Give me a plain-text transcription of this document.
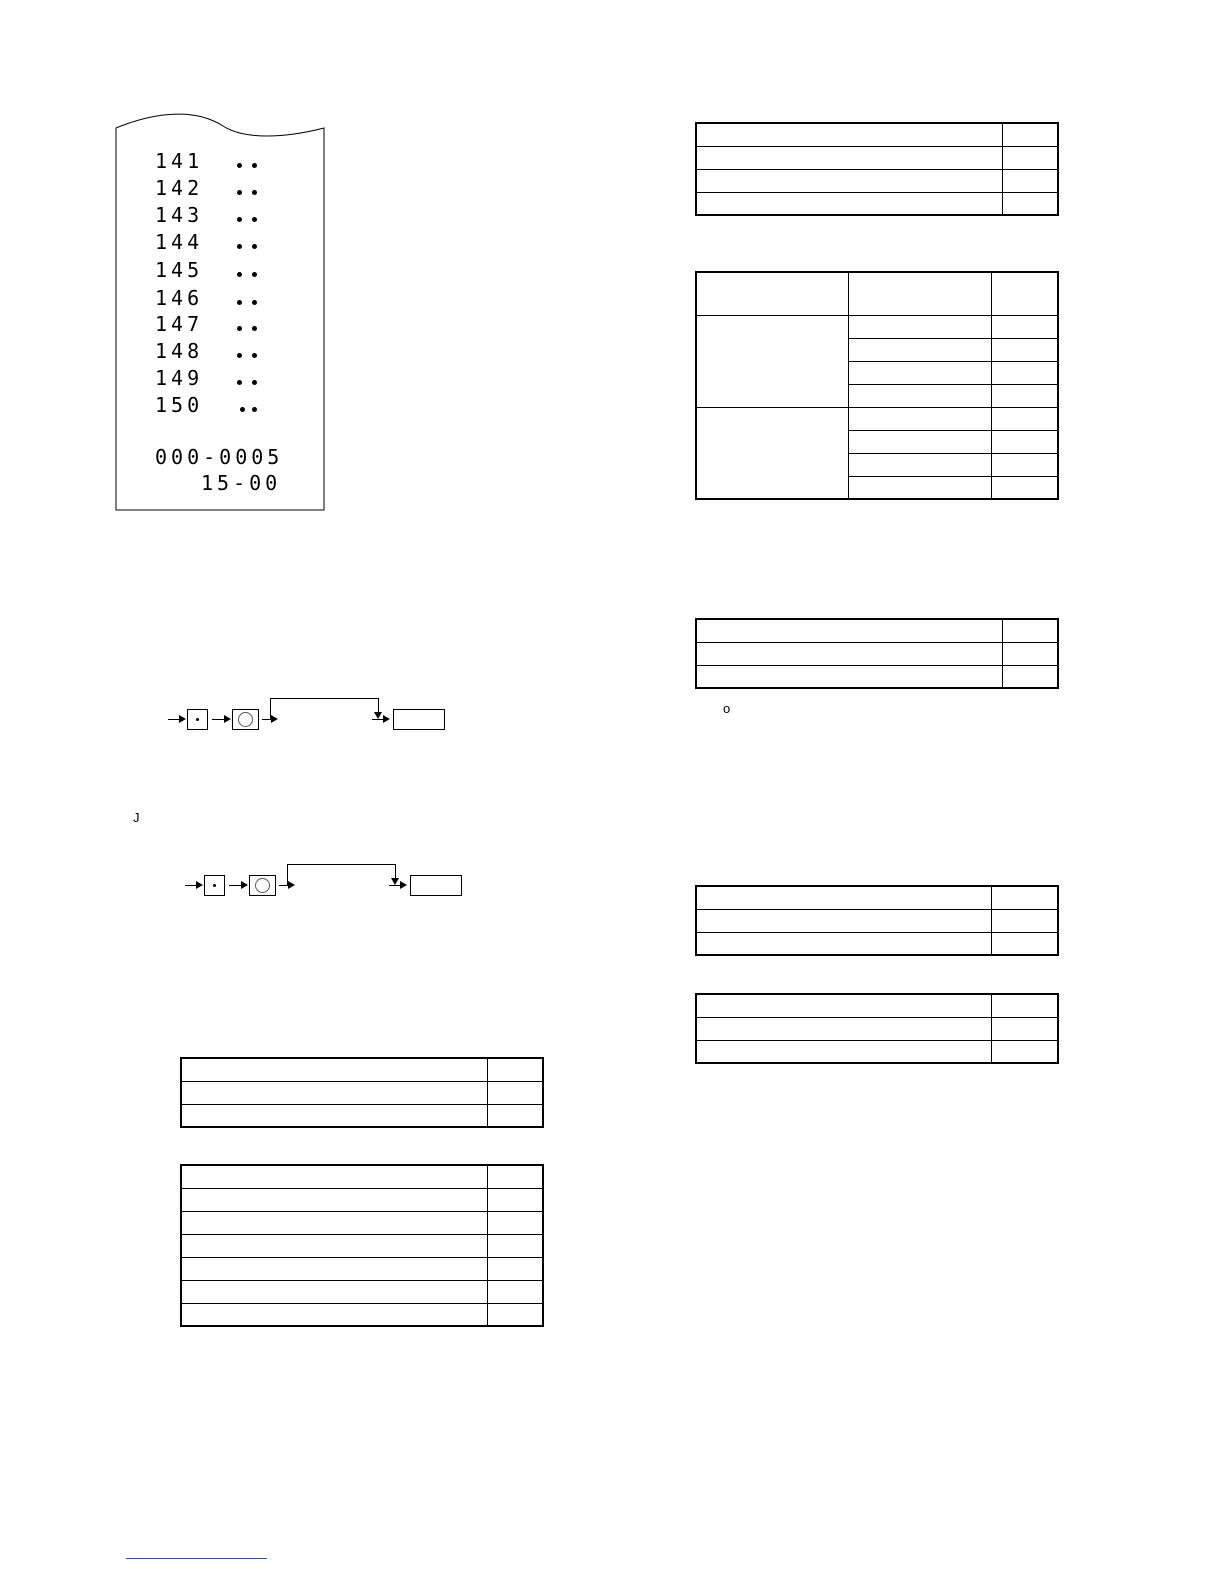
141
142
143
144
145
146
147
148
149
150
000-0005
15-00
J

o
